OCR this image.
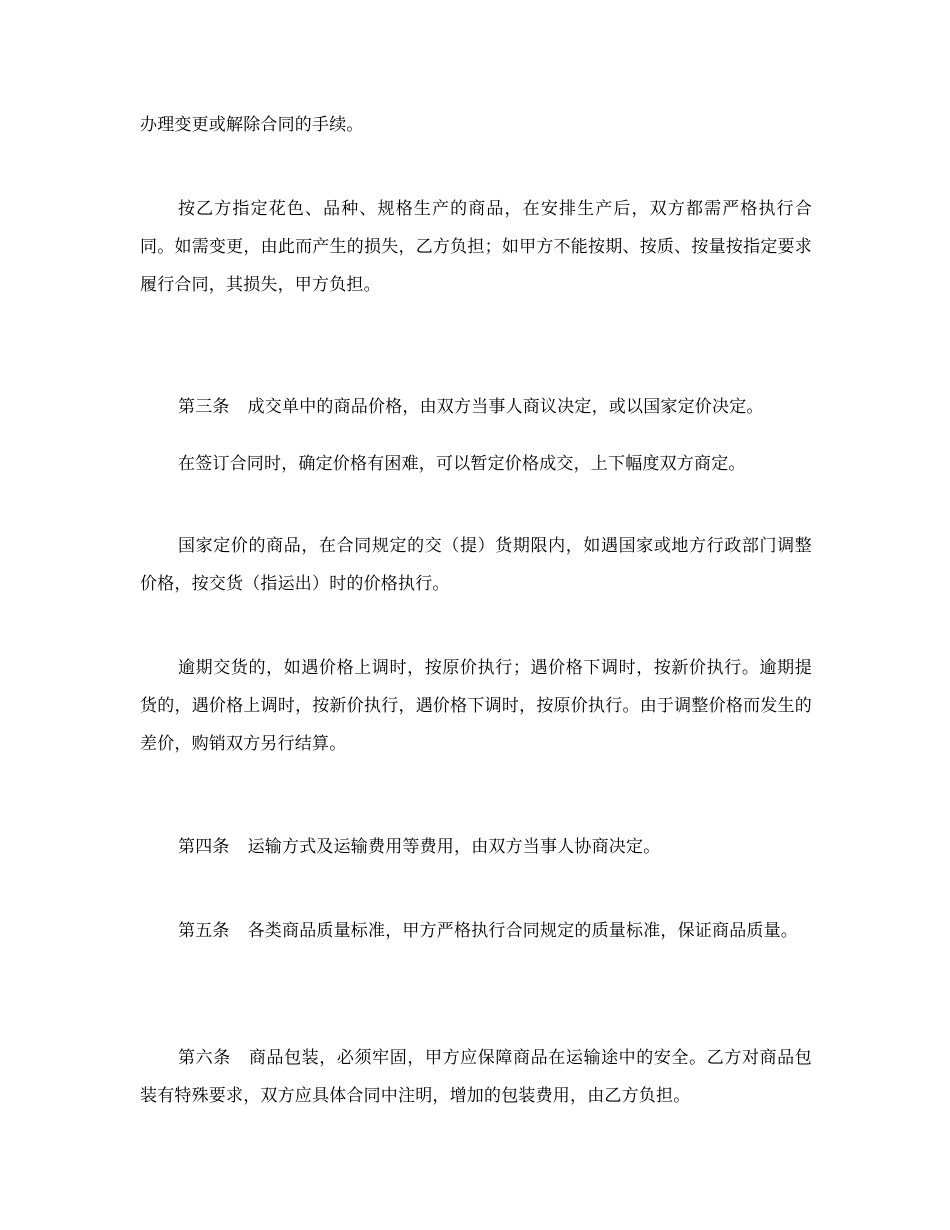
办理变更或解除合同的手续。

按乙方指定花色、品种、规格生产的商品，在安排生产后，双方都需严格执行合同。如需变更，由此而产生的损失，乙方负担；如甲方不能按期、按质、按量按指定要求履行合同，其损失，甲方负担。

第三条 成交单中的商品价格，由双方当事人商议决定，或以国家定价决定。

在签订合同时，确定价格有困难，可以暂定价格成交，上下幅度双方商定。

国家定价的商品，在合同规定的交（提）货期限内，如遇国家或地方行政部门调整价格，按交货（指运出）时的价格执行。

逾期交货的，如遇价格上调时，按原价执行；遇价格下调时，按新价执行。逾期提货的，遇价格上调时，按新价执行，遇价格下调时，按原价执行。由于调整价格而发生的差价，购销双方另行结算。

第四条 运输方式及运输费用等费用，由双方当事人协商决定。

第五条 各类商品质量标准，甲方严格执行合同规定的质量标准，保证商品质量。

第六条 商品包装，必须牢固，甲方应保障商品在运输途中的安全。乙方对商品包装有特殊要求，双方应具体合同中注明，增加的包装费用，由乙方负担。
